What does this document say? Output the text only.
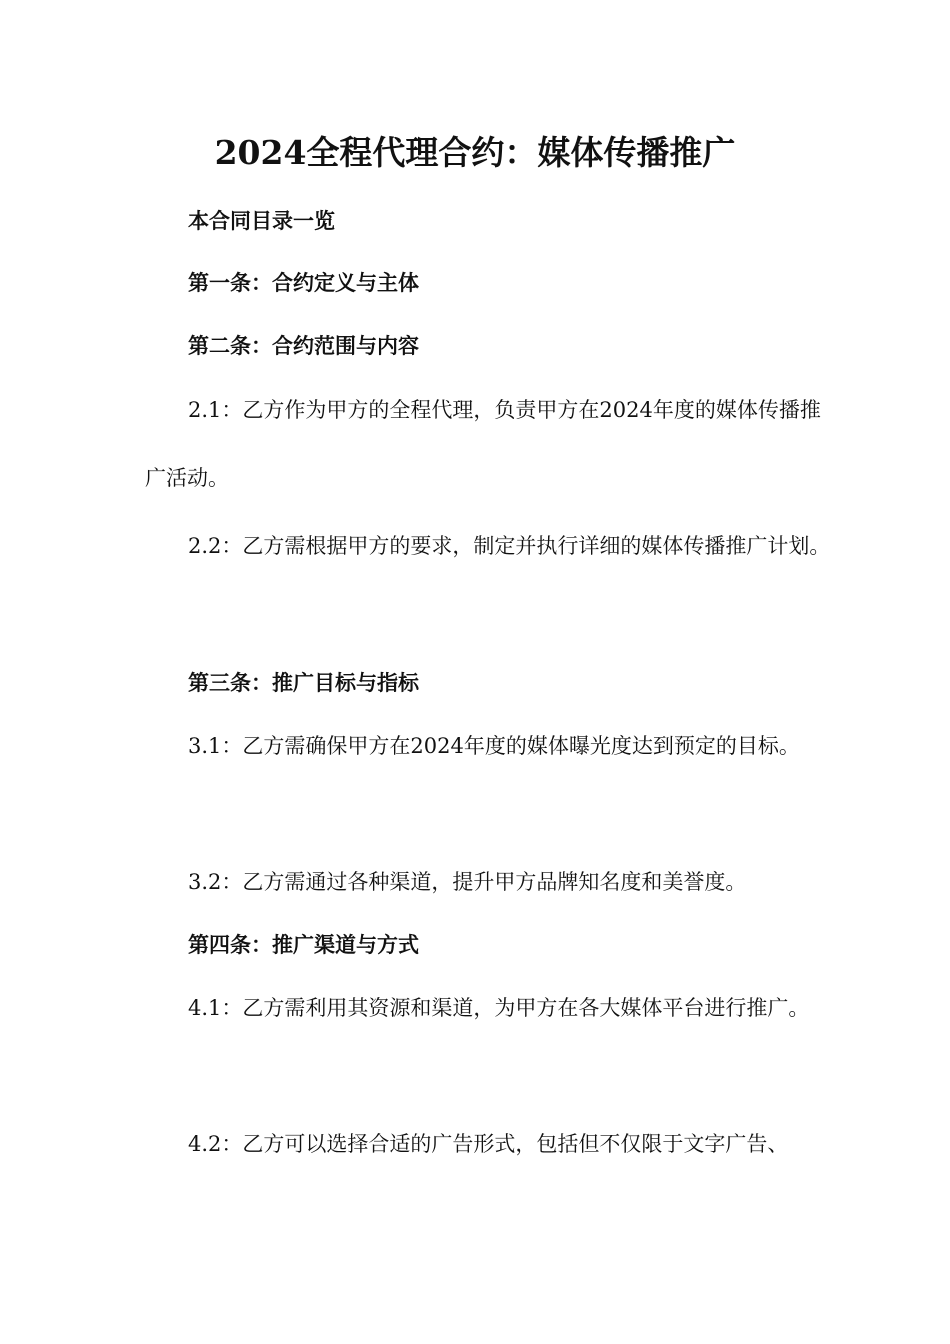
2024全程代理合约：媒体传播推广
本合同目录一览
第一条：合约定义与主体
第二条：合约范围与内容

2.1：乙方作为甲方的全程代理，负责甲方在2024年度的媒体传播推广活动。

2.2：乙方需根据甲方的要求，制定并执行详细的媒体传播推广计划。

第三条：推广目标与指标

3.1：乙方需确保甲方在2024年度的媒体曝光度达到预定的目标。

3.2：乙方需通过各种渠道，提升甲方品牌知名度和美誉度。

第四条：推广渠道与方式

4.1：乙方需利用其资源和渠道，为甲方在各大媒体平台进行推广。

4.2：乙方可以选择合适的广告形式，包括但不仅限于文字广告、
